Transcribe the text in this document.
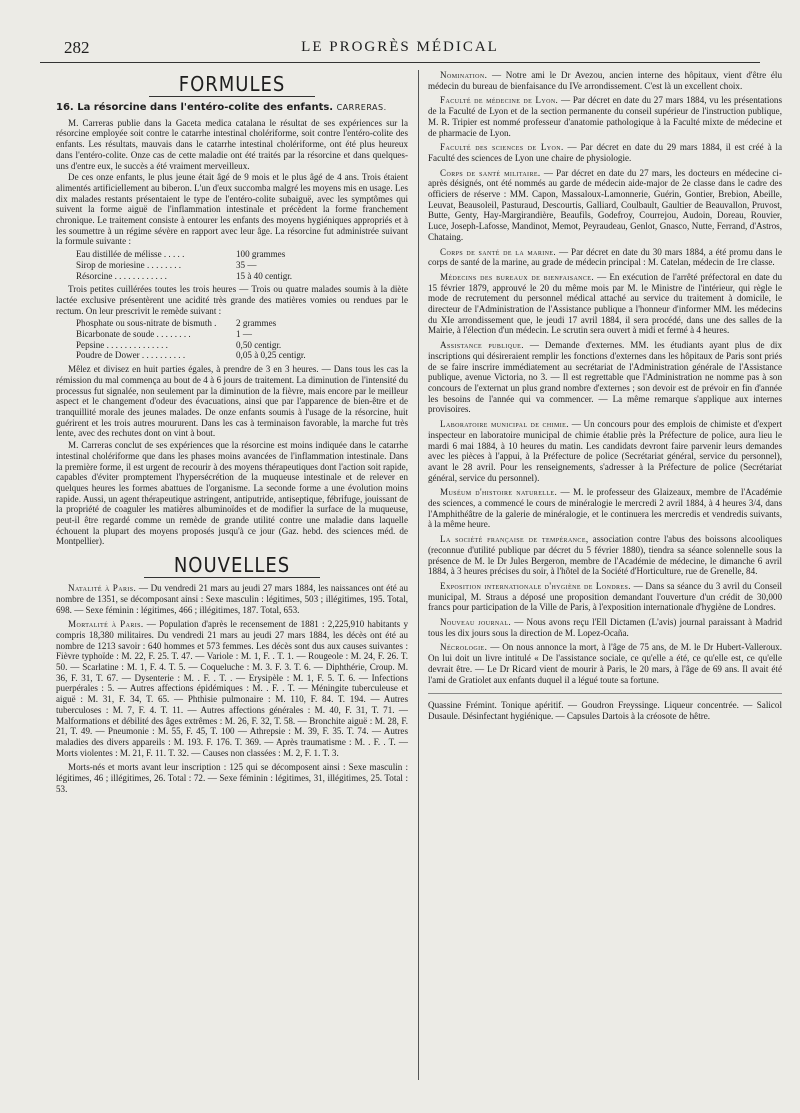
282	LE PROGRÈS MÉDICAL
FORMULES
16. La résorcine dans l'entéro-colite des enfants. CARRERAS.

M. Carreras publie dans la Gaceta medica catalana le résultat de ses expériences sur la résorcine employée soit contre le catarrhe intestinal cholériforme, soit contre l'entéro-colite des enfants. Les résultats, mauvais dans le catarrhe intestinal cholériforme, ont été plus heureux dans l'entéro-colite. Onze cas de cette maladie ont été traités par la résorcine et dans quelques-uns d'entre eux, le succès a été vraiment merveilleux.

De ces onze enfants, le plus jeune était âgé de 9 mois et le plus âgé de 4 ans. Trois étaient alimentés artificiellement au biberon. L'un d'eux succomba malgré les moyens mis en usage. Les dix malades restants présentaient le type de l'entéro-colite subaiguë, avec les symptômes qui suivent la forme aiguë de l'inflammation intestinale et précèdent la forme franchement chronique. Le traitement consiste à entourer les enfants des moyens hygiéniques appropriés et à les soumettre à un régime sévère en rapport avec leur âge. La résorcine fut administrée suivant la formule suivante :

Eau distillée de mélisse . . . . .	100 grammes
Sirop de moriesine . . . . . . . .	35 —
Résorcine . . . . . . . . . . . .	15 à 40 centigr.

Trois petites cuillérées toutes les trois heures — Trois ou quatre malades soumis à la diète lactée exclusive présentèrent une acidité très grande des matières vomies ou rendues par le rectum. On leur prescrivit le remède suivant :

Phosphate ou sous-nitrate de bismuth . 2 grammes
Bicarbonate de soude . . . . . . . .	1 —
Pepsine . . . . . . . . . . . . . .	0,50 centigr.
Poudre de Dower . . . . . . . . . .	0,05 à 0,25 centigr.

Mêlez et divisez en huit parties égales, à prendre de 3 en 3 heures. — Dans tous les cas la rémission du mal commença au bout de 4 à 6 jours de traitement. La diminution de l'intensité du processus fut signalée, non seulement par la diminution de la fièvre, mais encore par le meilleur aspect et le changement d'odeur des évacuations, ainsi que par l'apparence de bien-être et de tranquillité morale des jeunes malades. De onze enfants soumis à l'usage de la résorcine, huit guérirent et les trois autres moururent. Dans les cas à terminaison favorable, la marche fut très lente, avec des rechutes dont on vint à bout.

M. Carreras conclut de ses expériences que la résorcine est moins indiquée dans le catarrhe intestinal cholériforme que dans les phases moins avancées de l'inflammation intestinale. Dans la première forme, il est urgent de recourir à des moyens thérapeutiques dont l'action soit rapide, capables d'éviter promptement l'hypersécrétion de la muqueuse intestinale et de relever en quelques heures les formes abattues de l'organisme. La seconde forme a une évolution moins rapide. Aussi, un agent thérapeutique astringent, antiputride, antiseptique, fébrifuge, jouissant de la propriété de coaguler les matières albuminoïdes et de modifier la surface de la muqueuse, peut-il être regardé comme un remède de grande utilité contre une maladie dans laquelle échouent la plupart des moyens proposés jusqu'à ce jour (Gaz. hebd. des sciences méd. de Montpellier).

NOUVELLES

Natalité à Paris. — Du vendredi 21 mars au jeudi 27 mars 1884, les naissances ont été au nombre de 1351, se décomposant ainsi : Sexe masculin : légitimes, 503 ; illégitimes, 195. Total, 698. — Sexe féminin : légitimes, 466 ; illégitimes, 187. Total, 653.

Mortalité à Paris. — Population d'après le recensement de 1881 : 2,225,910 habitants y compris 18,380 militaires. Du vendredi 21 mars au jeudi 27 mars 1884, les décès ont été au nombre de 1213 savoir : 640 hommes et 573 femmes. Les décès sont dus aux causes suivantes : Fièvre typhoïde : M. 22, F. 25. T. 47. — Variole : M. 1, F. . T. 1. — Rougeole : M. 24, F. 26. T. 50. — Scarlatine : M. 1, F. 4. T. 5. — Coqueluche : M. 3. F. 3. T. 6. — Diphthérie, Croup. M. 36, F. 31, T. 67. — Dysenterie : M. . F. . T. . — Erysipèle : M. 1, F. 5. T. 6. — Infections puerpérales : 5. — Autres affections épidémiques : M. . F. . T. — Méningite tuberculeuse et aiguë : M. 31, F. 34, T. 65. — Phthisie pulmonaire : M. 110, F. 84. T. 194. — Autres tuberculoses : M. 7, F. 4. T. 11. — Autres affections générales : M. 40, F. 31, T. 71. — Malformations et débilité des âges extrêmes : M. 26, F. 32, T. 58. — Bronchite aiguë : M. 28, F. 21, T. 49. — Pneumonie : M. 55, F. 45, T. 100 — Athrepsie : M. 39, F. 35. T. 74. — Autres maladies des divers appareils : M. 193. F. 176. T. 369. — Après traumatisme : M. . F. . T. — Morts violentes : M. 21, F. 11. T. 32. — Causes non classées : M. 2, F. 1. T. 3.

Morts-nés et morts avant leur inscription : 125 qui se décomposent ainsi : Sexe masculin : légitimes, 46 ; illégitimes, 26. Total : 72. — Sexe féminin : légitimes, 31, illégitimes, 25. Total : 53.

Nomination. — Notre ami le Dr Avezou, ancien interne des hôpitaux, vient d'être élu médecin du bureau de bienfaisance du IVe arrondissement. C'est là un excellent choix.

Faculté de médecine de Lyon. — Par décret en date du 27 mars 1884, vu les présentations de la Faculté de Lyon et de la section permanente du conseil supérieur de l'instruction publique, M. R. Tripier est nommé professeur d'anatomie pathologique à la Faculté mixte de médecine et de pharmacie de Lyon.

Faculté des sciences de Lyon. — Par décret en date du 29 mars 1884, il est créé à la Faculté des sciences de Lyon une chaire de physiologie.

Corps de santé militaire. — Par décret en date du 27 mars, les docteurs en médecine ci-après désignés, ont été nommés au garde de médecin aide-major de 2e classe dans le cadre des officiers de réserve : MM. Capon, Massaloux-Lamonnerie, Guérin, Gontier, Brebion, Abeille, Leuvat, Beausoleil, Pasturaud, Descourtis, Galliard, Coulbault, Gaultier de Beauvallon, Pruvost, Butte, Genty, Hay-Margirandière, Beaufils, Godefroy, Courrejou, Audoin, Doreau, Rouvier, Luce, Joseph-Lafosse, Mandinot, Memot, Peyraudeau, Genlot, Gnasco, Nutte, Ferrand, d'Astros, Chataing.

Corps de santé de la marine. — Par décret en date du 30 mars 1884, a été promu dans le corps de santé de la marine, au grade de médecin principal : M. Catelan, médecin de 1re classe.

Médecins des bureaux de bienfaisance. — En exécution de l'arrêté préfectoral en date du 15 février 1879, approuvé le 20 du même mois par M. le Ministre de l'intérieur, qui règle le mode de recrutement du personnel médical attaché au service du traitement à domicile, le directeur de l'Administration de l'Assistance publique a l'honneur d'informer MM. les médecins du XIe arrondissement que, le jeudi 17 avril 1884, il sera procédé, dans une des salles de la Mairie, à l'élection d'un médecin. Le scrutin sera ouvert à midi et fermé à 4 heures.

Assistance publique. — Demande d'externes. MM. les étudiants ayant plus de dix inscriptions qui désireraient remplir les fonctions d'externes dans les hôpitaux de Paris sont priés de se faire inscrire immédiatement au secrétariat de l'Administration générale de l'Assistance publique, avenue Victoria, no 3. — Il est regrettable que l'Administration ne nomme pas à son concours de l'externat un plus grand nombre d'externes ; son devoir est de prévoir en fin d'année les besoins de l'année qui va commencer. — La même remarque s'applique aux internes provisoires.

Laboratoire municipal de chimie. — Un concours pour des emplois de chimiste et d'expert inspecteur en laboratoire municipal de chimie établie près la Préfecture de police, aura lieu le mardi 6 mai 1884, à 10 heures du matin. Les candidats devront faire parvenir leurs demandes avec les pièces à l'appui, à la Préfecture de police (Secrétariat général, service du personnel), avant le 28 avril. Pour les renseignements, s'adresser à la Préfecture de police (Secrétariat général, service du personnel).

Muséum d'histoire naturelle. — M. le professeur des Glaizeaux, membre de l'Académie des sciences, a commencé le cours de minéralogie le mercredi 2 avril 1884, à 4 heures 3/4, dans l'Amphithéâtre de la galerie de minéralogie, et le continuera les mercredis et vendredis suivants, à la même heure.

La société française de tempérance, association contre l'abus des boissons alcooliques (reconnue d'utilité publique par décret du 5 février 1880), tiendra sa séance solennelle sous la présence de M. le Dr Jules Bergeron, membre de l'Académie de médecine, le dimanche 6 avril 1884, à 3 heures précises du soir, à l'hôtel de la Société d'Horticulture, rue de Grenelle, 84.

Exposition internationale d'hygiène de Londres. — Dans sa séance du 3 avril du Conseil municipal, M. Straus a déposé une proposition demandant l'ouverture d'un crédit de 30,000 francs pour participation de la Ville de Paris, à l'exposition internationale d'hygiène de Londres.

Nouveau journal. — Nous avons reçu l'Ell Dictamen (L'avis) journal paraissant à Madrid tous les dix jours sous la direction de M. Lopez-Ocaña.

Nécrologie. — On nous annonce la mort, à l'âge de 75 ans, de M. le Dr Hubert-Valleroux. On lui doit un livre intitulé « De l'assistance sociale, ce qu'elle a été, ce qu'elle est, ce qu'elle devrait être. — Le Dr Ricard vient de mourir à Paris, le 20 mars, à l'âge de 69 ans. Il avait été l'ami de Gratiolet aux enfants duquel il a légué toute sa fortune.

Quassine Frémint. Tonique apéritif. — Goudron Freyssinge. Liqueur concentrée. — Salicol Dusaule. Désinfectant hygiénique. — Capsules Dartois à la créosote de hêtre.
